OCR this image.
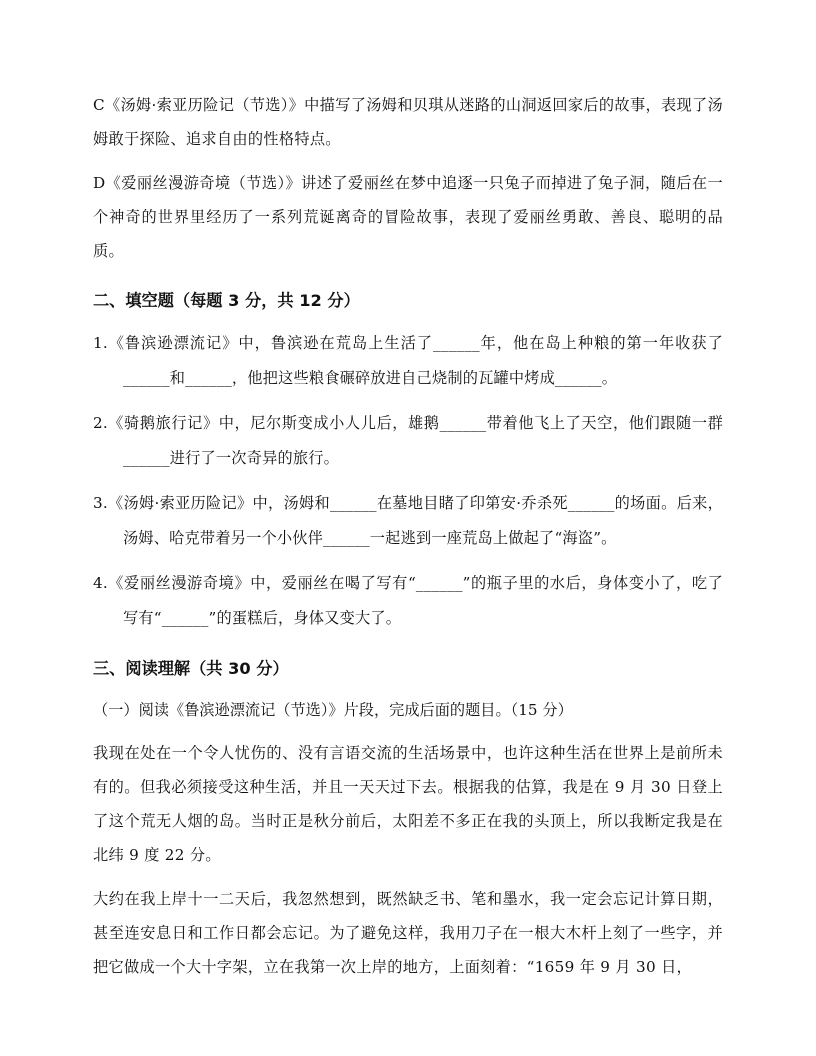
C《汤姆·索亚历险记（节选）》中描写了汤姆和贝琪从迷路的山洞返回家后的故事，表现了汤姆敢于探险、追求自由的性格特点。

D《爱丽丝漫游奇境（节选）》讲述了爱丽丝在梦中追逐一只兔子而掉进了兔子洞，随后在一个神奇的世界里经历了一系列荒诞离奇的冒险故事，表现了爱丽丝勇敢、善良、聪明的品质。

二、填空题（每题 3 分，共 12 分）

1.《鲁滨逊漂流记》中，鲁滨逊在荒岛上生活了______年，他在岛上种粮的第一年收获了______和______，他把这些粮食碾碎放进自己烧制的瓦罐中烤成______。

2.《骑鹅旅行记》中，尼尔斯变成小人儿后，雄鹅______带着他飞上了天空，他们跟随一群______进行了一次奇异的旅行。

3.《汤姆·索亚历险记》中，汤姆和______在墓地目睹了印第安·乔杀死______的场面。后来，汤姆、哈克带着另一个小伙伴______一起逃到一座荒岛上做起了“海盗”。

4.《爱丽丝漫游奇境》中，爱丽丝在喝了写有“______”的瓶子里的水后，身体变小了，吃了写有“______”的蛋糕后，身体又变大了。

三、阅读理解（共 30 分）

（一）阅读《鲁滨逊漂流记（节选）》片段，完成后面的题目。（15 分）

我现在处在一个令人忧伤的、没有言语交流的生活场景中，也许这种生活在世界上是前所未有的。但我必须接受这种生活，并且一天天过下去。根据我的估算，我是在 9 月 30 日登上了这个荒无人烟的岛。当时正是秋分前后，太阳差不多正在我的头顶上，所以我断定我是在北纬 9 度 22 分。

大约在我上岸十一二天后，我忽然想到，既然缺乏书、笔和墨水，我一定会忘记计算日期，甚至连安息日和工作日都会忘记。为了避免这样，我用刀子在一根大木杆上刻了一些字，并把它做成一个大十字架，立在我第一次上岸的地方，上面刻着：“1659 年 9 月 30 日，
